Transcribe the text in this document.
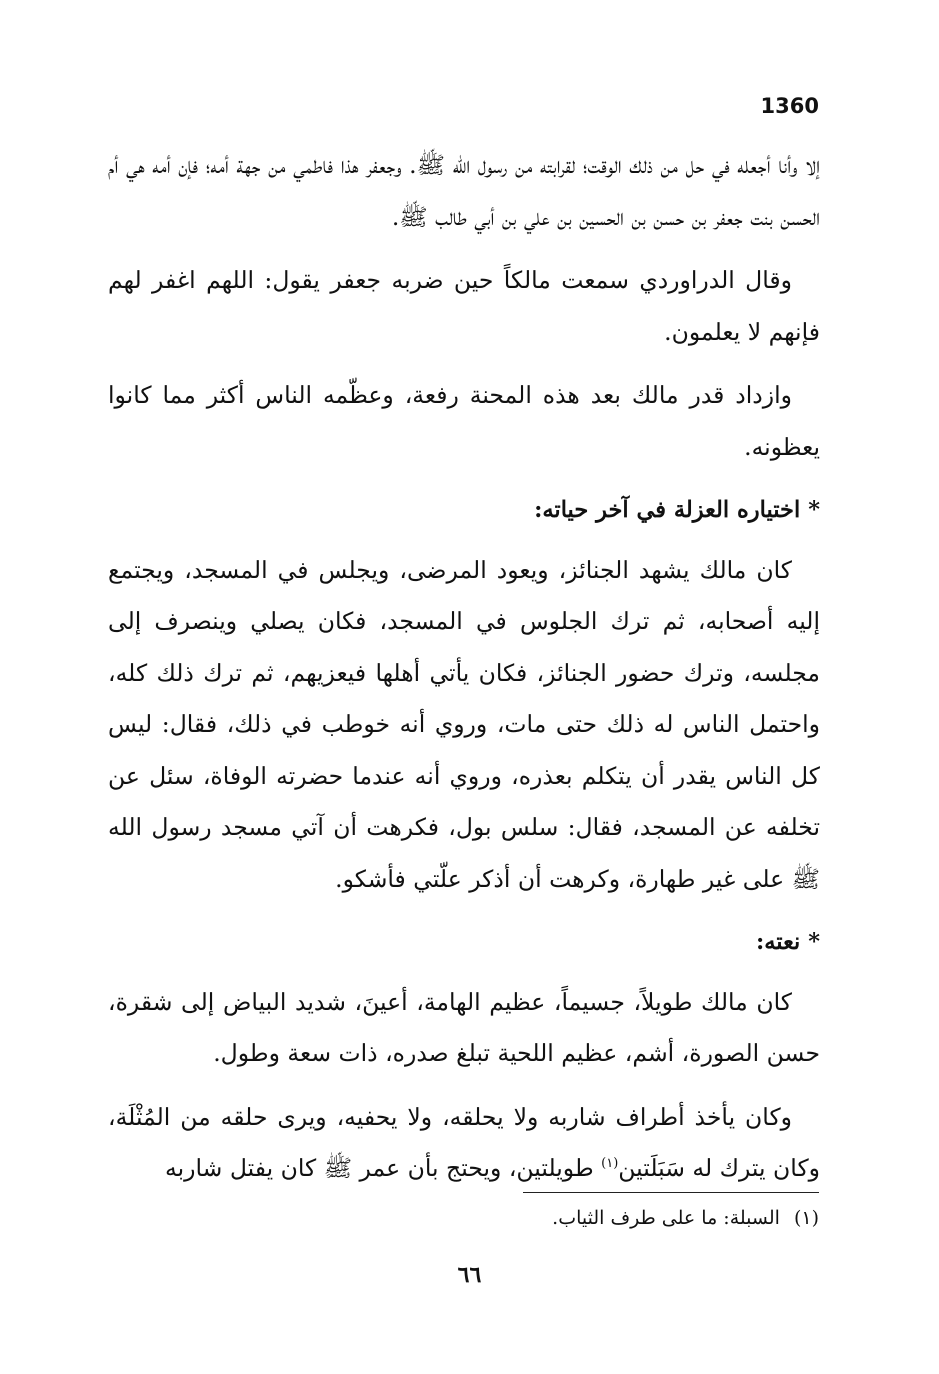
1360

إلا وأنا أجعله في حل من ذلك الوقت؛ لقرابته من رسول الله ﷺ. وجعفر هذا فاطمي من جهة أمه؛ فإن أمه هي أم الحسن بنت جعفر بن حسن بن الحسين بن علي بن أبي طالب ﷺ.

وقال الدراوردي سمعت مالكاً حين ضربه جعفر يقول: اللهم اغفر لهم فإنهم لا يعلمون.

وازداد قدر مالك بعد هذه المحنة رفعة، وعظّمه الناس أكثر مما كانوا يعظونه.

*اختياره العزلة في آخر حياته:

كان مالك يشهد الجنائز، ويعود المرضى، ويجلس في المسجد، ويجتمع إليه أصحابه، ثم ترك الجلوس في المسجد، فكان يصلي وينصرف إلى مجلسه، وترك حضور الجنائز، فكان يأتي أهلها فيعزيهم، ثم ترك ذلك كله، واحتمل الناس له ذلك حتى مات، وروي أنه خوطب في ذلك، فقال: ليس كل الناس يقدر أن يتكلم بعذره، وروي أنه عندما حضرته الوفاة، سئل عن تخلفه عن المسجد، فقال: سلس بول، فكرهت أن آتي مسجد رسول الله ﷺ على غير طهارة، وكرهت أن أذكر علّتي فأشكو.

*نعته:

كان مالك طويلاً، جسيماً، عظيم الهامة، أعينَ، شديد البياض إلى شقرة، حسن الصورة، أشم، عظيم اللحية تبلغ صدره، ذات سعة وطول.

وكان يأخذ أطراف شاربه ولا يحلقه، ولا يحفيه، ويرى حلقه من المُثْلَة، وكان يترك له سَبَلَتين$^{(١)}$ طويلتين، ويحتج بأن عمر ﷺ كان يفتل شاربه

(١)السبلة: ما على طرف الثياب.
٦٦
